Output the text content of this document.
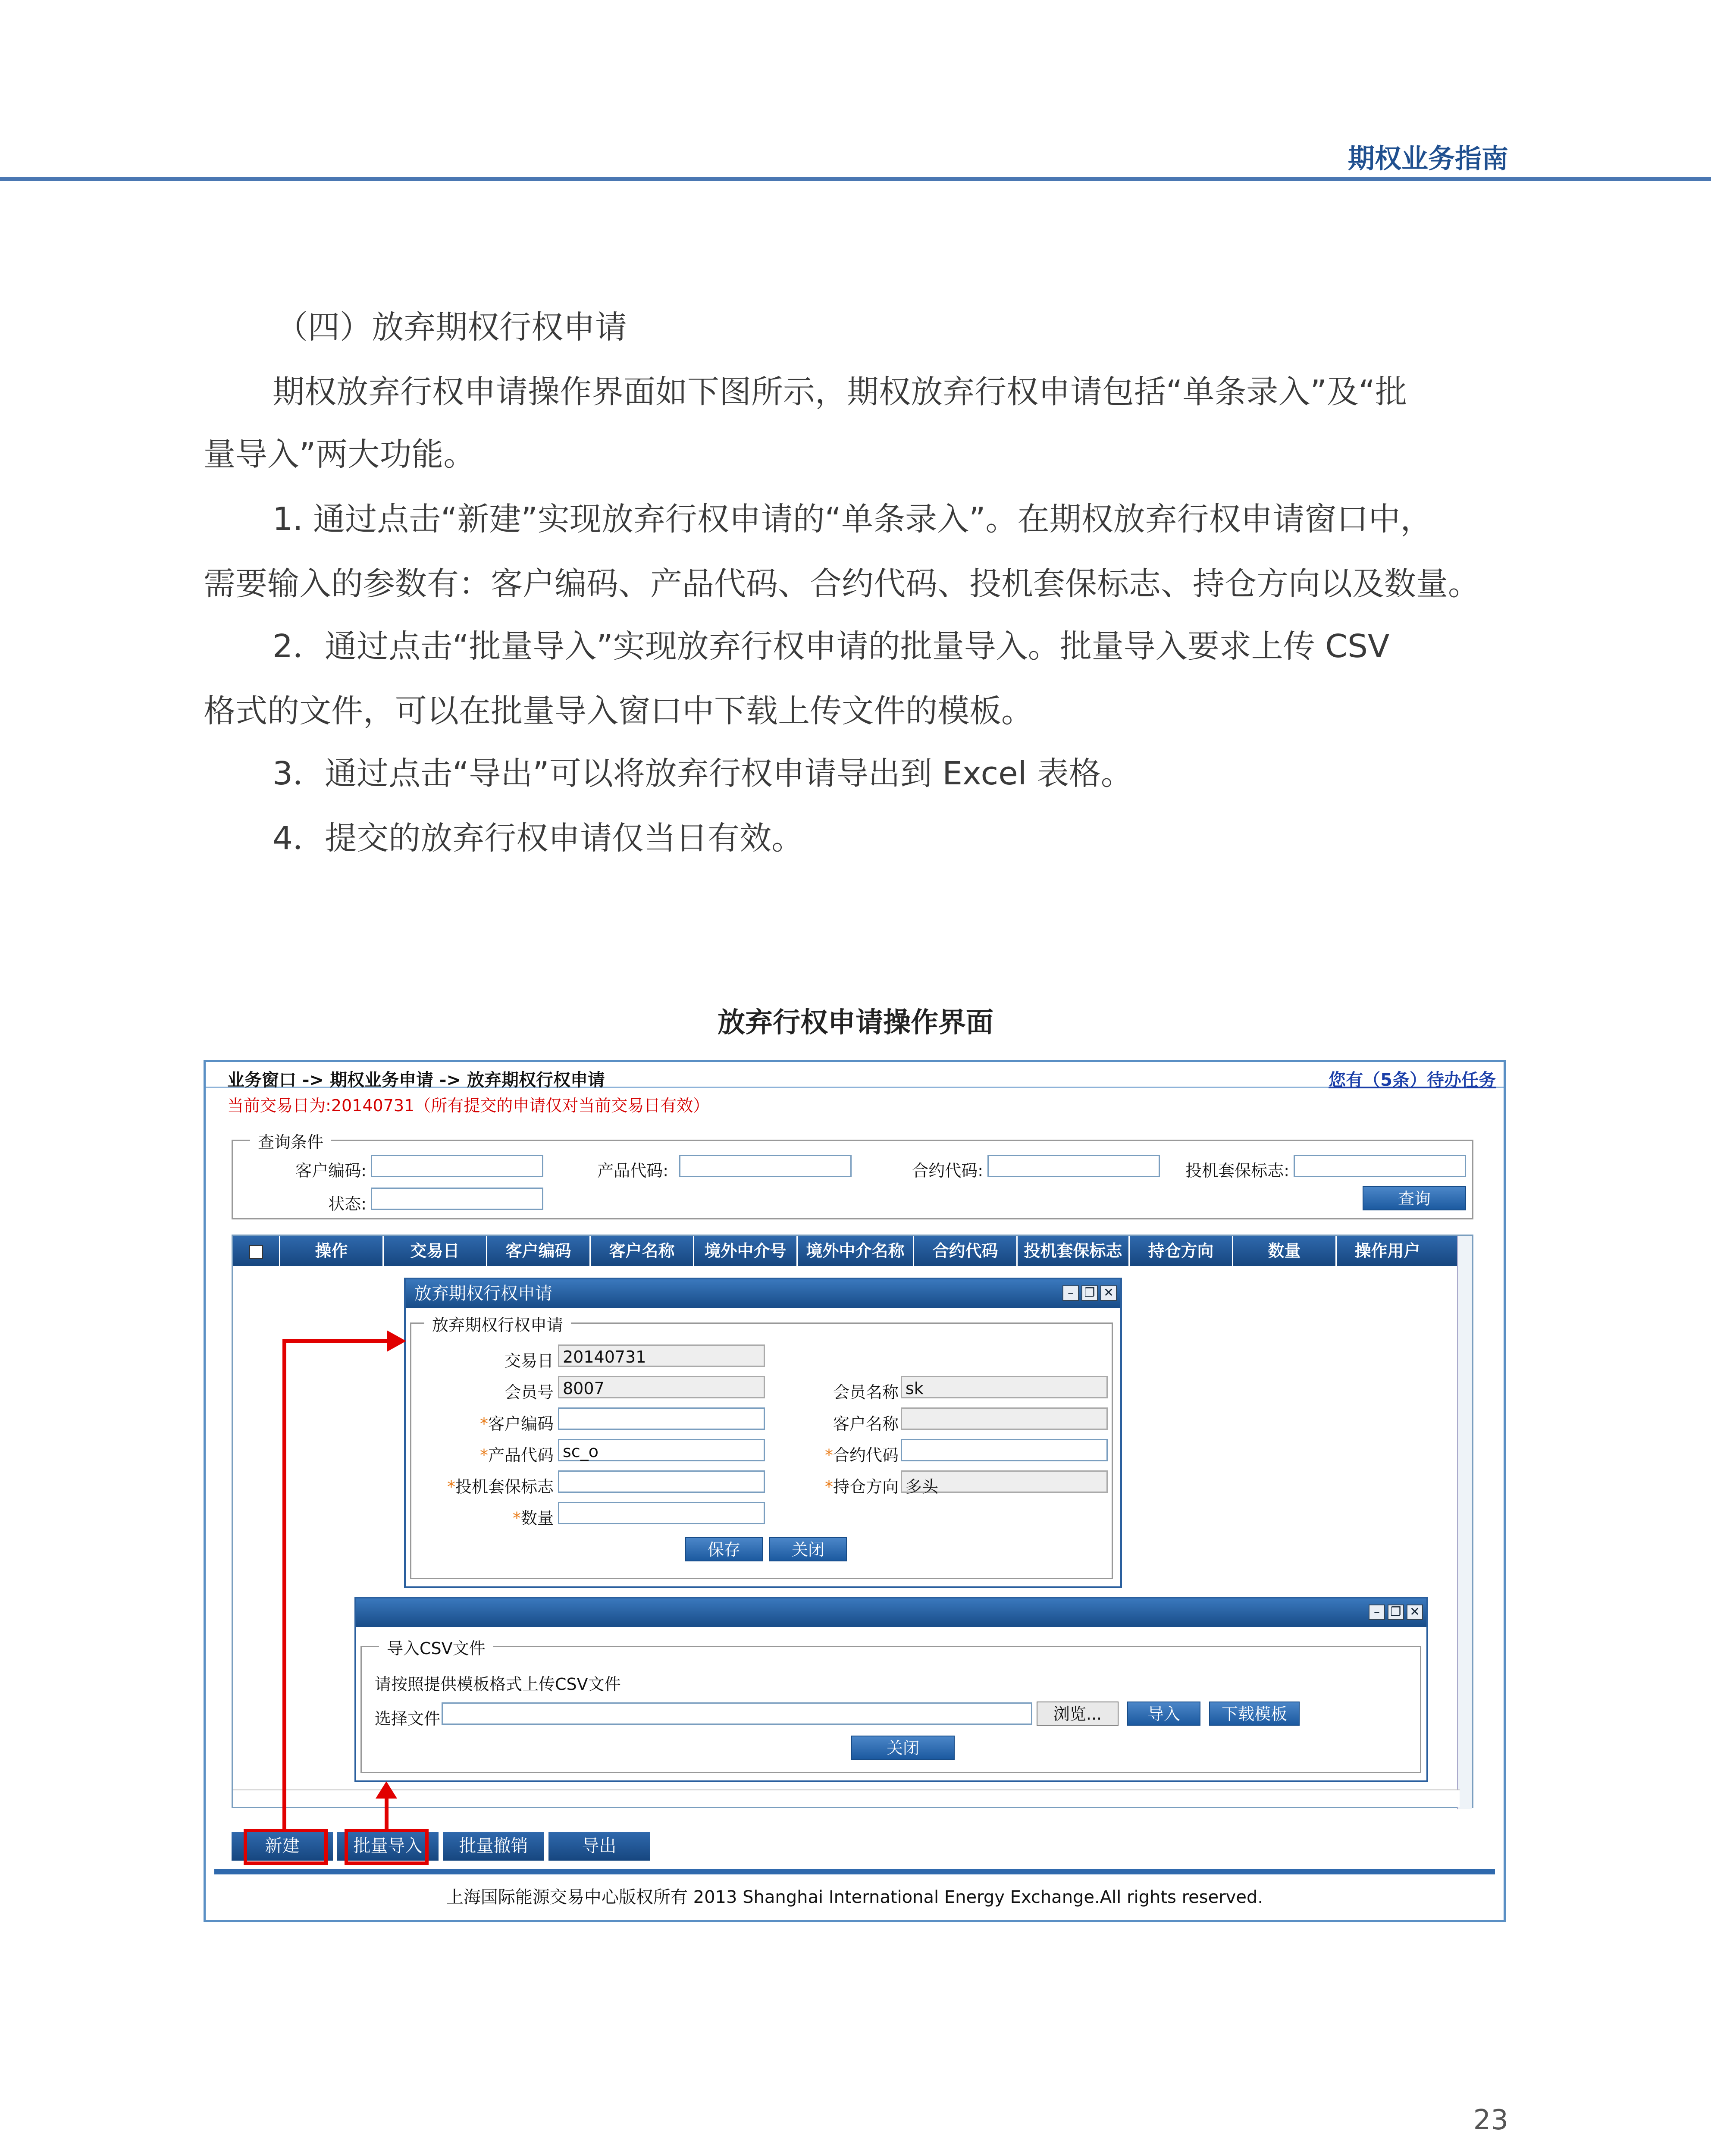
期权业务指南
（四）放弃期权行权申请
期权放弃行权申请操作界面如下图所示，期权放弃行权申请包括“单条录入”及“批
量导入”两大功能。
1. 通过点击“新建”实现放弃行权申请的“单条录入”。在期权放弃行权申请窗口中，
需要输入的参数有：客户编码、产品代码、合约代码、投机套保标志、持仓方向以及数量。
2．通过点击“批量导入”实现放弃行权申请的批量导入。批量导入要求上传 CSV
格式的文件，可以在批量导入窗口中下载上传文件的模板。
3．通过点击“导出”可以将放弃行权申请导出到 Excel 表格。
4．提交的放弃行权申请仅当日有效。
放弃行权申请操作界面
业务窗口 -> 期权业务申请 -> 放弃期权行权申请	您有（5条）待办任务
当前交易日为:20140731（所有提交的申请仅对当前交易日有效）
查询条件
客户编码:	产品代码:	合约代码:	投机套保标志:
状态:	查询
操作	交易日	客户编码	客户名称	境外中介号	境外中介名称	合约代码	投机套保标志	持仓方向	数量	操作用户
放弃期权行权申请	– ❐ ✕
放弃期权行权申请
交易日 20140731
会员号 8007	会员名称 sk
*客户编码	客户名称
*产品代码 sc_o	*合约代码
*投机套保标志	*持仓方向 多头
*数量
保存	关闭
– ❐ ✕
导入CSV文件
请按照提供模板格式上传CSV文件
选择文件	浏览...	导入	下载模板
关闭
新建	批量导入	批量撤销	导出
上海国际能源交易中心版权所有 2013 Shanghai International Energy Exchange.All rights reserved.
23
